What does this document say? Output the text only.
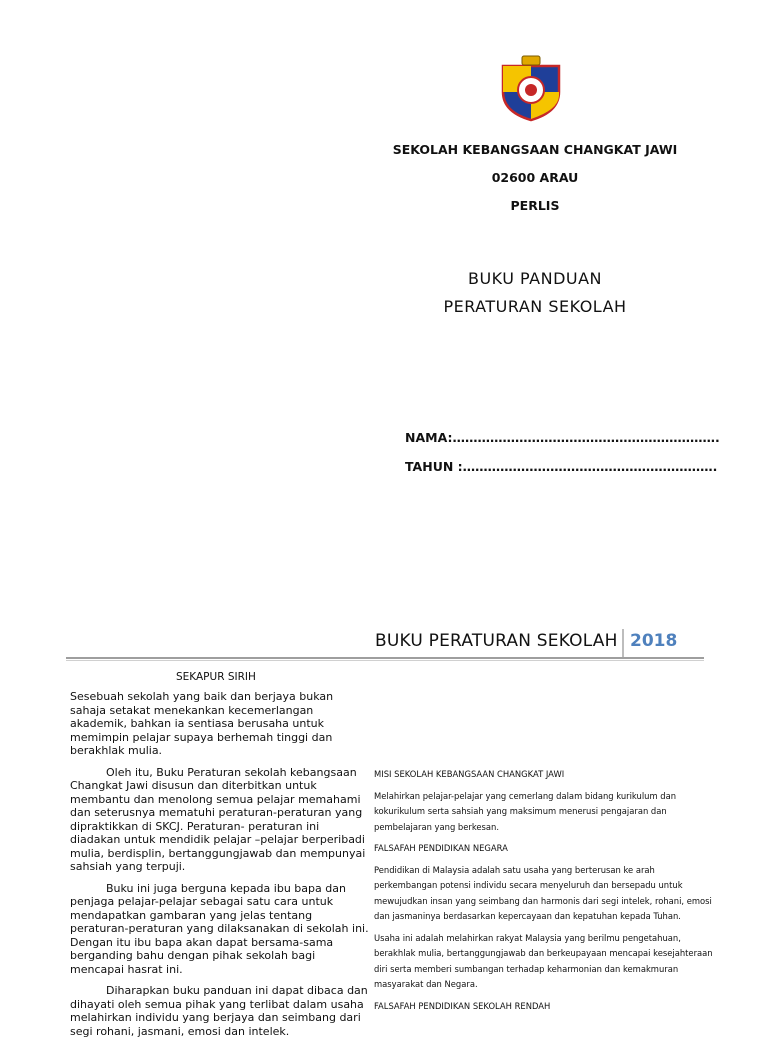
SEKOLAH KEBANGSAAN CHANGKAT JAWI
02600 ARAU
PERLIS
BUKU PANDUAN
PERATURAN SEKOLAH
NAMA:……………………………………………………….
TAHUN :…………………………………………………….
BUKU PERATURAN SEKOLAH 2018
SEKAPUR SIRIH

Sesebuah sekolah yang baik dan berjaya bukan sahaja setakat menekankan kecemerlangan akademik, bahkan ia sentiasa berusaha untuk memimpin pelajar supaya berhemah tinggi dan berakhlak mulia.

Oleh itu, Buku Peraturan sekolah kebangsaan Changkat Jawi disusun dan diterbitkan untuk membantu dan menolong semua pelajar memahami dan seterusnya mematuhi peraturan-peraturan yang dipraktikkan di SKCJ. Peraturan- peraturan ini diadakan untuk mendidik pelajar –pelajar berperibadi mulia, berdisplin, bertanggungjawab dan mempunyai sahsiah yang terpuji.

Buku ini juga berguna kepada ibu bapa dan penjaga pelajar-pelajar sebagai satu cara untuk mendapatkan gambaran yang jelas tentang peraturan-peraturan yang dilaksanakan di sekolah ini. Dengan itu ibu bapa akan dapat bersama-sama berganding bahu dengan pihak sekolah bagi mencapai hasrat ini.

Diharapkan buku panduan ini dapat dibaca dan dihayati oleh semua pihak yang terlibat dalam usaha melahirkan individu yang berjaya dan seimbang dari segi rohani, jasmani, emosi dan intelek.

MISI SEKOLAH KEBANGSAAN CHANGKAT JAWI

Melahirkan pelajar-pelajar yang cemerlang dalam bidang kurikulum dan kokurikulum serta sahsiah yang maksimum menerusi pengajaran dan pembelajaran yang berkesan.

FALSAFAH PENDIDIKAN NEGARA

Pendidikan di Malaysia adalah satu usaha yang berterusan ke arah perkembangan potensi individu secara menyeluruh dan bersepadu untuk mewujudkan insan yang seimbang dan harmonis dari segi intelek, rohani, emosi dan jasmaninya berdasarkan kepercayaan dan kepatuhan kepada Tuhan.

Usaha ini adalah melahirkan rakyat Malaysia yang berilmu pengetahuan, berakhlak mulia, bertanggungjawab dan berkeupayaan mencapai kesejahteraan diri serta memberi sumbangan terhadap keharmonian dan kemakmuran masyarakat dan Negara.

FALSAFAH PENDIDIKAN SEKOLAH RENDAH
